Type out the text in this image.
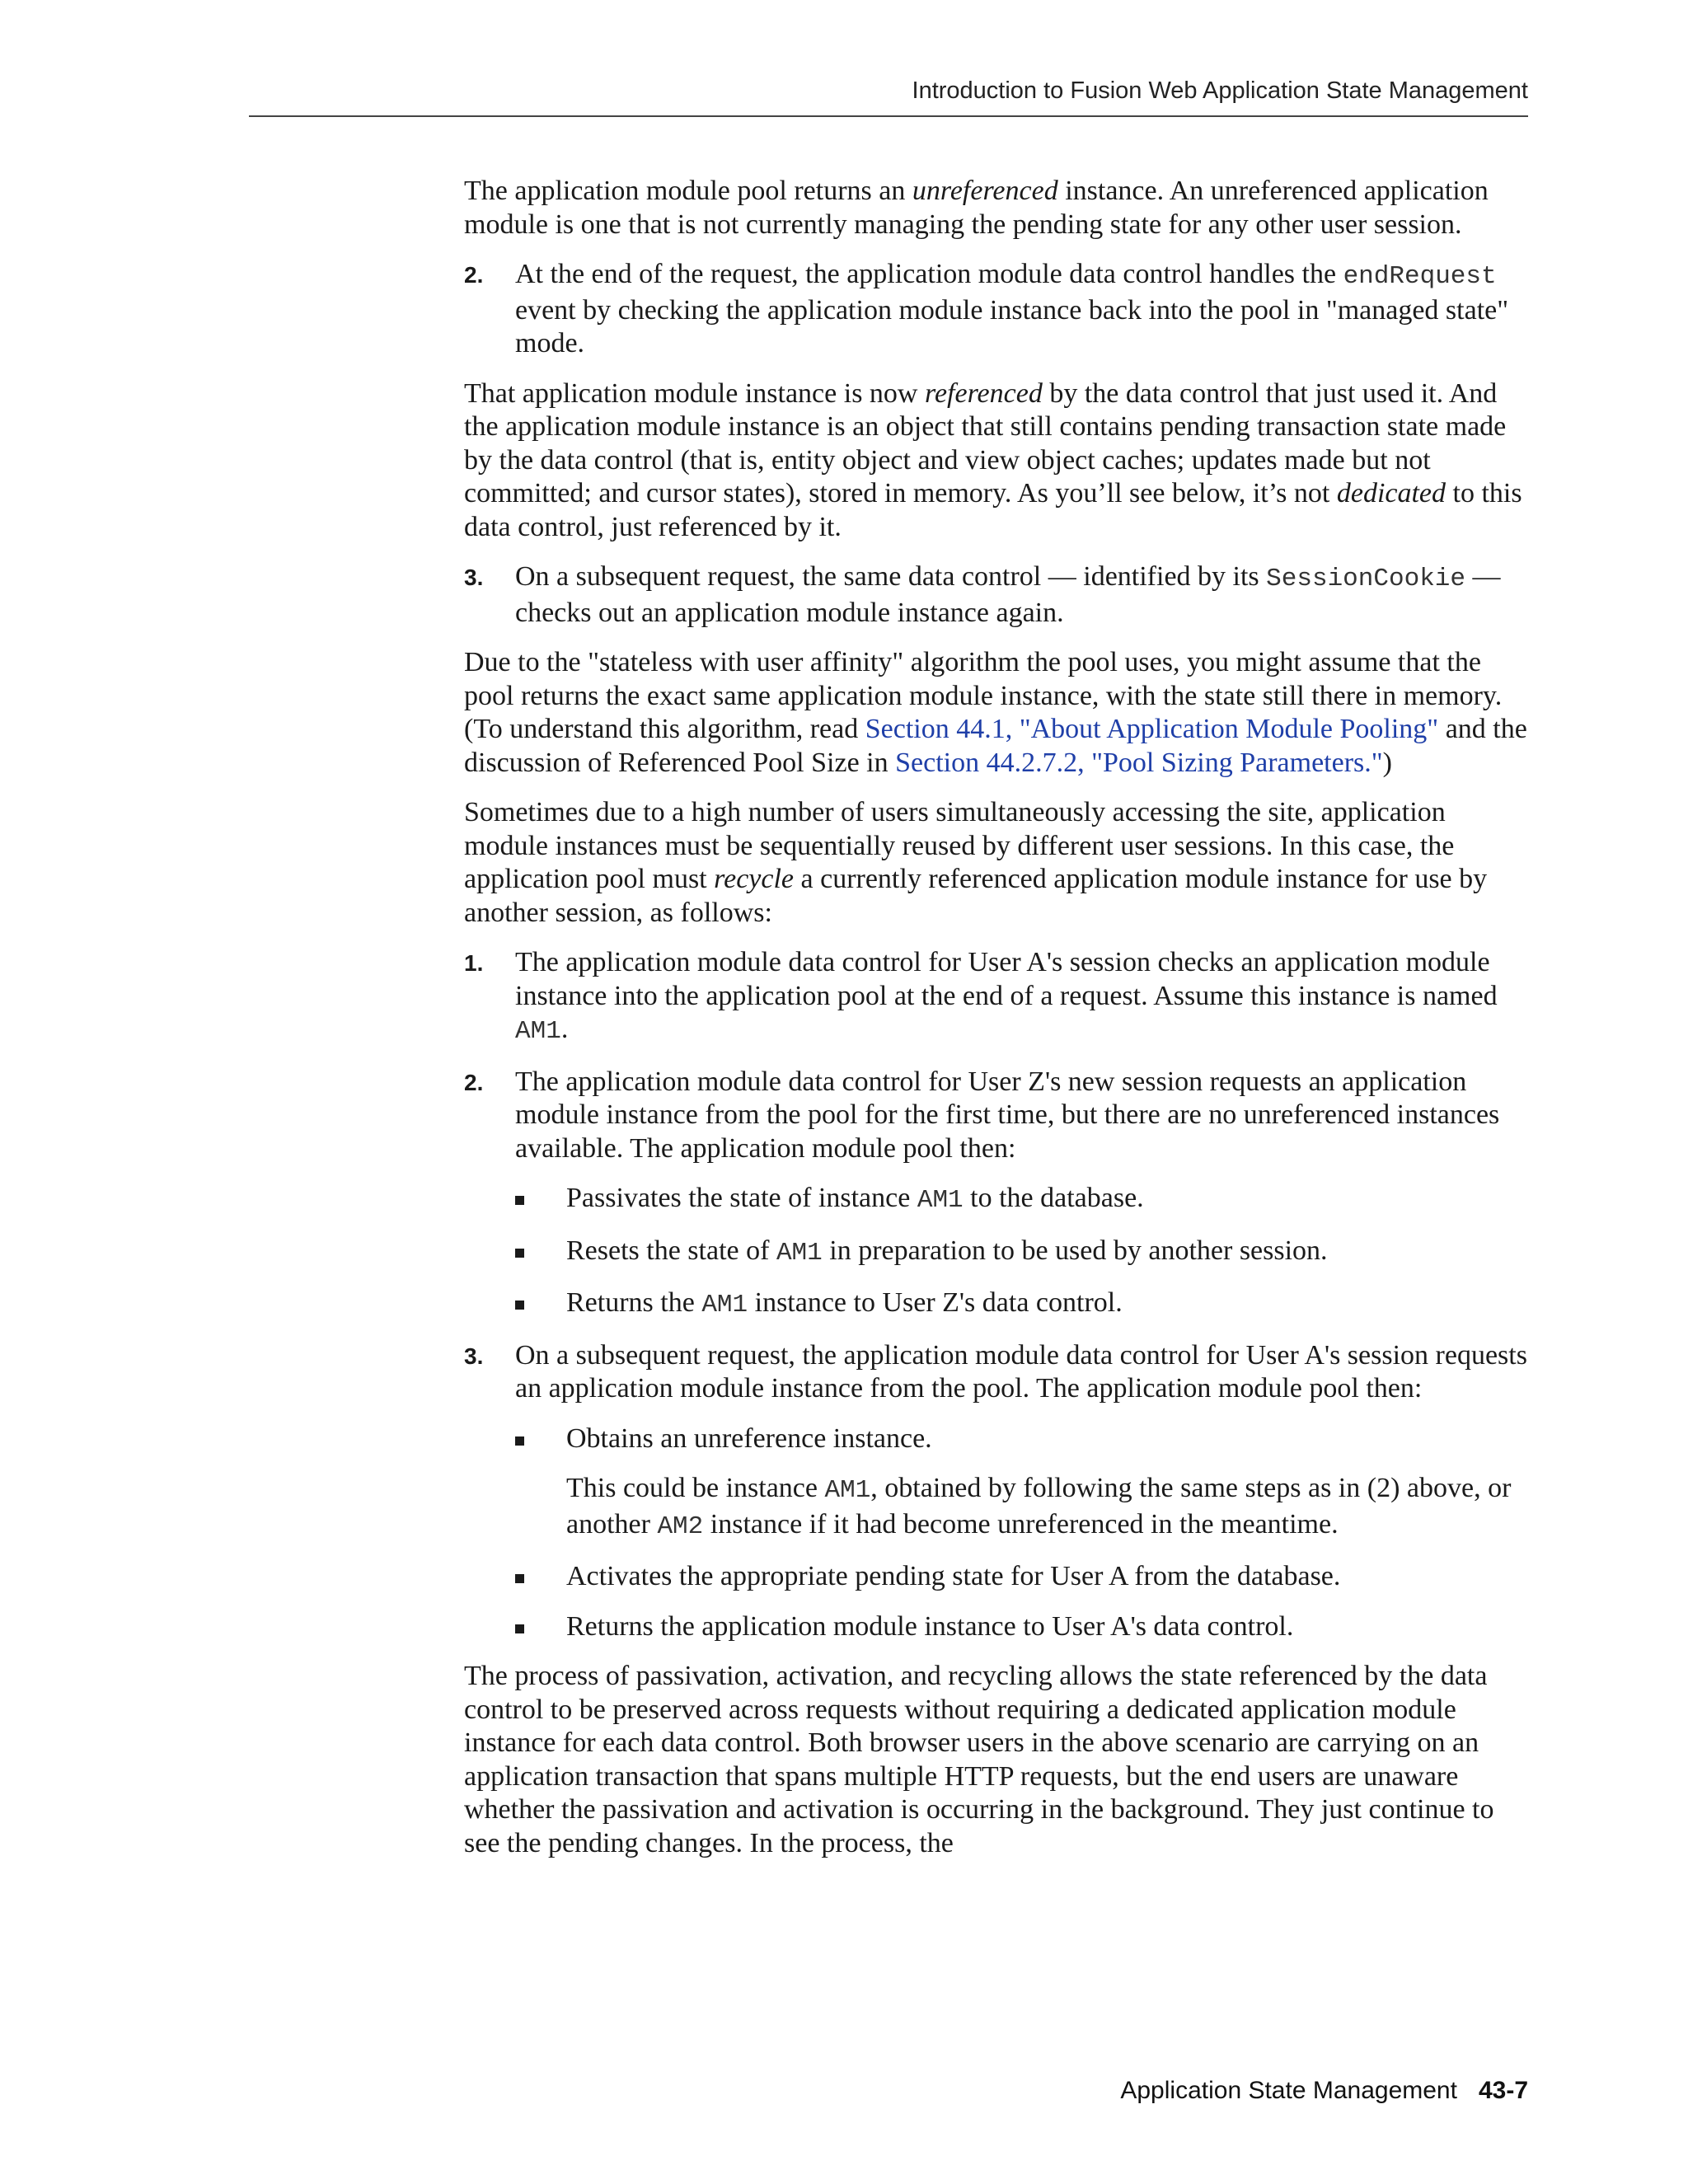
Introduction to Fusion Web Application State Management

The application module pool returns an unreferenced instance. An unreferenced application module is one that is not currently managing the pending state for any other user session.

2. At the end of the request, the application module data control handles the endRequest event by checking the application module instance back into the pool in "managed state" mode.

That application module instance is now referenced by the data control that just used it. And the application module instance is an object that still contains pending transaction state made by the data control (that is, entity object and view object caches; updates made but not committed; and cursor states), stored in memory. As you’ll see below, it’s not dedicated to this data control, just referenced by it.

3. On a subsequent request, the same data control — identified by its SessionCookie — checks out an application module instance again.

Due to the "stateless with user affinity" algorithm the pool uses, you might assume that the pool returns the exact same application module instance, with the state still there in memory. (To understand this algorithm, read Section 44.1, "About Application Module Pooling" and the discussion of Referenced Pool Size in Section 44.2.7.2, "Pool Sizing Parameters.")

Sometimes due to a high number of users simultaneously accessing the site, application module instances must be sequentially reused by different user sessions. In this case, the application pool must recycle a currently referenced application module instance for use by another session, as follows:

1. The application module data control for User A's session checks an application module instance into the application pool at the end of a request. Assume this instance is named AM1.

2. The application module data control for User Z's new session requests an application module instance from the pool for the first time, but there are no unreferenced instances available. The application module pool then:

Passivates the state of instance AM1 to the database.

Resets the state of AM1 in preparation to be used by another session.

Returns the AM1 instance to User Z's data control.

3. On a subsequent request, the application module data control for User A's session requests an application module instance from the pool. The application module pool then:

Obtains an unreference instance.

This could be instance AM1, obtained by following the same steps as in (2) above, or another AM2 instance if it had become unreferenced in the meantime.

Activates the appropriate pending state for User A from the database.

Returns the application module instance to User A's data control.

The process of passivation, activation, and recycling allows the state referenced by the data control to be preserved across requests without requiring a dedicated application module instance for each data control. Both browser users in the above scenario are carrying on an application transaction that spans multiple HTTP requests, but the end users are unaware whether the passivation and activation is occurring in the background. They just continue to see the pending changes. In the process, the

Application State Management 43-7
